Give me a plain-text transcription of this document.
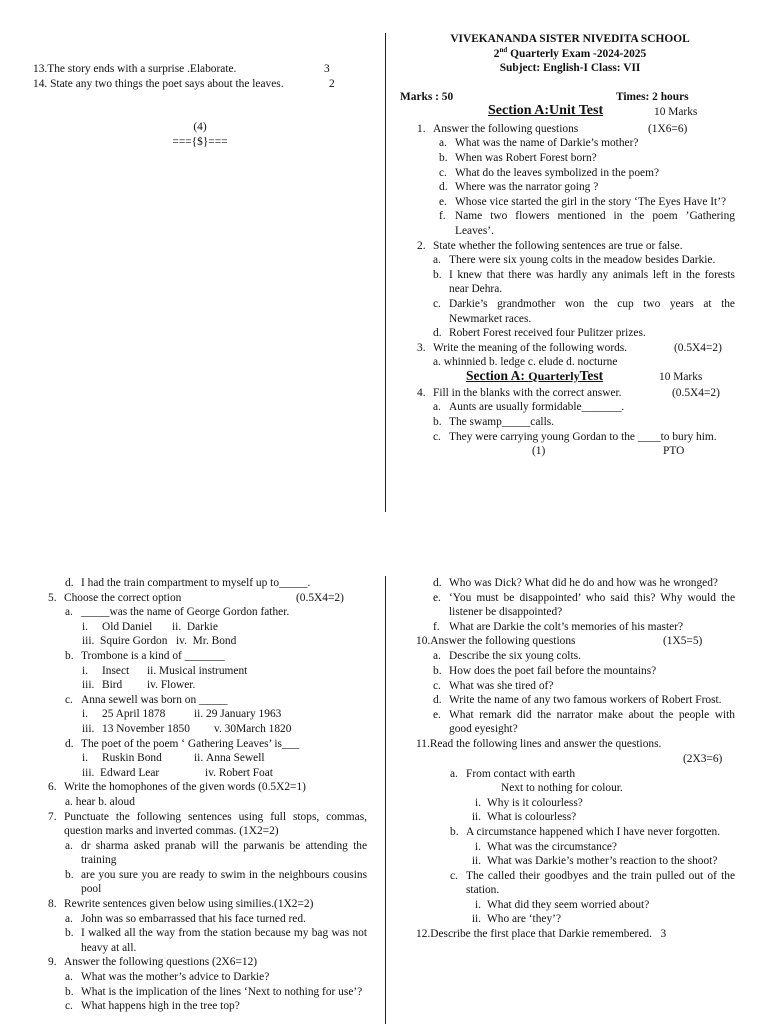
13.The story ends with a surprise .Elaborate.	3
14. State any two things the poet says about the leaves.	2
(4)
==={$}===
VIVEKANANDA SISTER NIVEDITA SCHOOL
2nd Quarterly Exam -2024-2025
Subject: English-I Class: VII
Marks : 50	Times: 2 hours
Section A:Unit Test	10 Marks
1. Answer the following questions	(1X6=6)
a. What was the name of Darkie’s mother?
b. When was Robert Forest born?
c. What do the leaves symbolized in the poem?
d. Where was the narrator going ?
e. Whose vice started the girl in the story ‘The Eyes Have It’?
f. Name two flowers mentioned in the poem ’Gathering Leaves’.
2. State whether the following sentences are true or false.
a. There were six young colts in the meadow besides Darkie.
b. I knew that there was hardly any animals left in the forests near Dehra.
c. Darkie’s grandmother won the cup two years at the Newmarket races.
d. Robert Forest received four Pulitzer prizes.
3. Write the meaning of the following words.	(0.5X4=2)
a. whinnied b. ledge c. elude d. nocturne
Section A: QuarterlyTest	10 Marks
4. Fill in the blanks with the correct answer.	(0.5X4=2)
a. Aunts are usually formidable_______.
b. The swamp_____calls.
c. They were carrying young Gordan to the ____to bury him.
(1)	PTO
d. I had the train compartment to myself up to_____.
5. Choose the correct option	(0.5X4=2)
a. _____was the name of George Gordon father.
i. Old Daniel ii. Darkie
iii. Squire Gordon iv. Mr. Bond
b. Trombone is a kind of _______
i. Insect ii. Musical instrument
iii. Bird iv. Flower.
c. Anna sewell was born on _____
i. 25 April 1878	ii. 29 January 1963
iii. 13 November 1850 v. 30March 1820
d. The poet of the poem ‘ Gathering Leaves’ is___
i. Ruskin Bond	ii. Anna Sewell
iii. Edward Lear	iv. Robert Foat
6. Write the homophones of the given words (0.5X2=1)
a. hear b. aloud
7. Punctuate the following sentences using full stops, commas, question marks and inverted commas. (1X2=2)
a. dr sharma asked pranab will the parwanis be attending the training
b. are you sure you are ready to swim in the neighbours cousins pool
8. Rewrite sentences given below using similies.(1X2=2)
a. John was so embarrassed that his face turned red.
b. I walked all the way from the station because my bag was not heavy at all.
9. Answer the following questions (2X6=12)
a. What was the mother’s advice to Darkie?
b. What is the implication of the lines ‘Next to nothing for use’?
c. What happens high in the tree top?
d. Who was Dick? What did he do and how was he wronged?
e. ‘You must be disappointed’ who said this? Why would the listener be disappointed?
f. What are Darkie the colt’s memories of his master?
10.Answer the following questions	(1X5=5)
a. Describe the six young colts.
b. How does the poet fail before the mountains?
c. What was she tired of?
d. Write the name of any two famous workers of Robert Frost.
e. What remark did the narrator make about the people with good eyesight?
11.Read the following lines and answer the questions.
(2X3=6)
a. From contact with earth
Next to nothing for colour.
i. Why is it colourless?
ii. What is colourless?
b. A circumstance happened which I have never forgotten.
i. What was the circumstance?
ii. What was Darkie’s mother’s reaction to the shoot?
c. The called their goodbyes and the train pulled out of the station.
i. What did they seem worried about?
ii. Who are ‘they’?
12.Describe the first place that Darkie remembered. 3
